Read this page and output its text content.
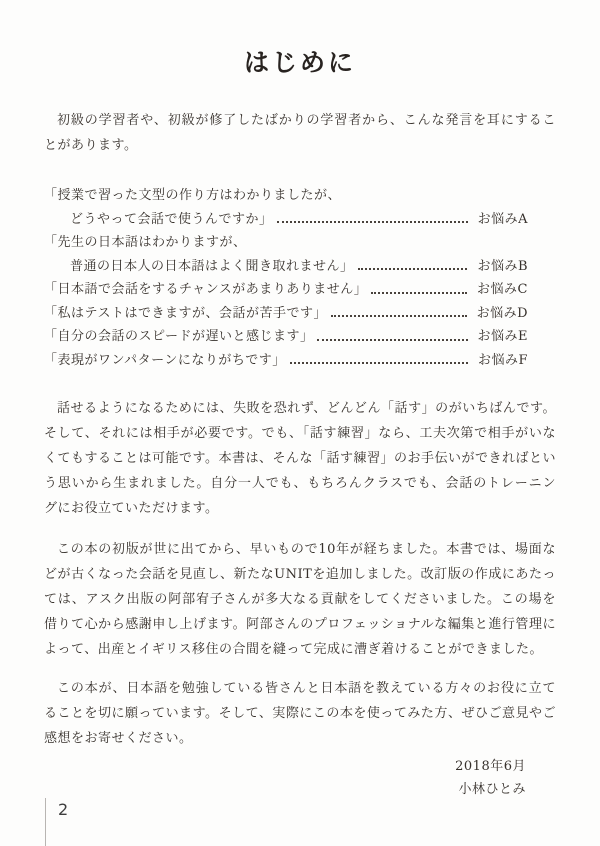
はじめに

初級の学習者や、初級が修了したばかりの学習者から、こんな発言を耳にすることがあります。

「授業で習った文型の作り方はわかりましたが、
どうやって会話で使うんですか」	お悩みA
「先生の日本語はわかりますが、
普通の日本人の日本語はよく聞き取れません」	お悩みB
「日本語で会話をするチャンスがあまりありません」	お悩みC
「私はテストはできますが、会話が苦手です」	お悩みD
「自分の会話のスピードが遅いと感じます」	お悩みE
「表現がワンパターンになりがちです」	お悩みF

話せるようになるためには、失敗を恐れず、どんどん「話す」のがいちばんです。そして、それには相手が必要です。でも、「話す練習」なら、工夫次第で相手がいなくてもすることは可能です。本書は、そんな「話す練習」のお手伝いができればという思いから生まれました。自分一人でも、もちろんクラスでも、会話のトレーニングにお役立ていただけます。

この本の初版が世に出てから、早いもので10年が経ちました。本書では、場面などが古くなった会話を見直し、新たなUNITを追加しました。改訂版の作成にあたっては、アスク出版の阿部宥子さんが多大なる貢献をしてくださいました。この場を借りて心から感謝申し上げます。阿部さんのプロフェッショナルな編集と進行管理によって、出産とイギリス移住の合間を縫って完成に漕ぎ着けることができました。

この本が、日本語を勉強している皆さんと日本語を教えている方々のお役に立てることを切に願っています。そして、実際にこの本を使ってみた方、ぜひご意見やご感想をお寄せください。

2018年6月
小林ひとみ
2
